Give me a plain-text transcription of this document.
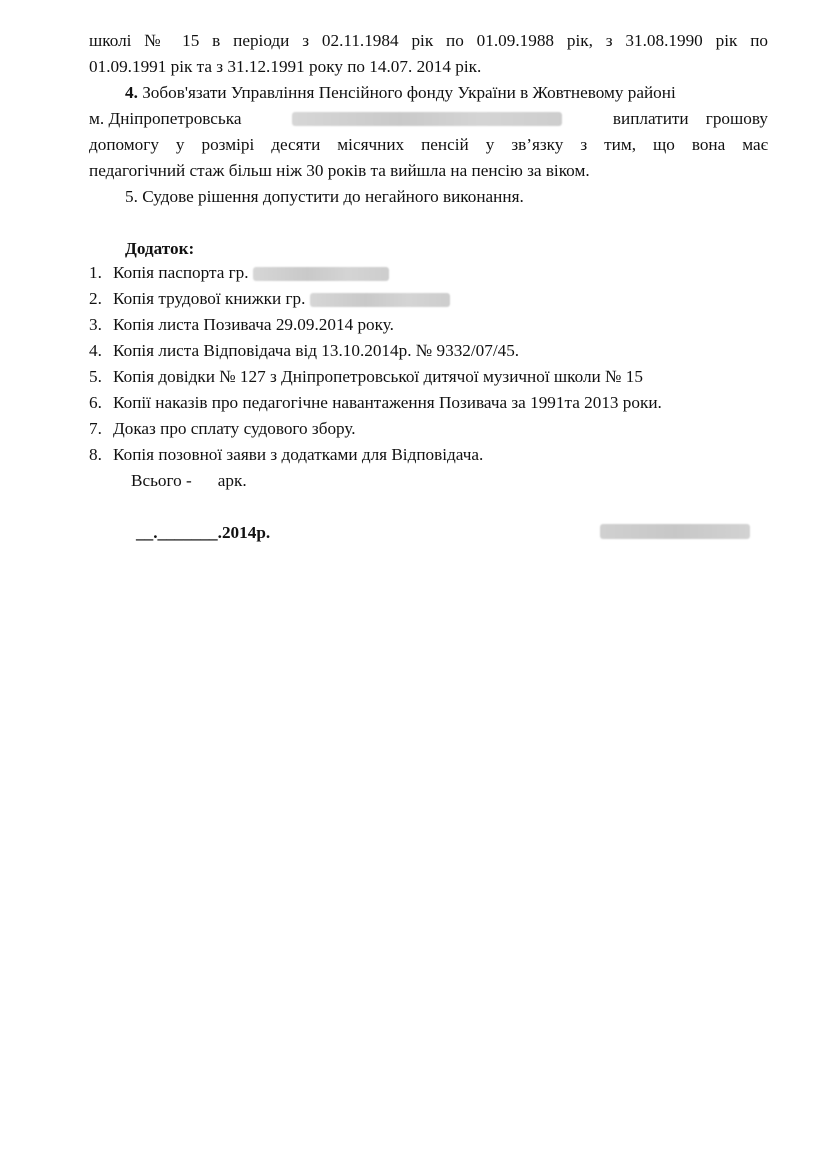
школі № 15 в періоди з 02.11.1984 рік по 01.09.1988 рік, з 31.08.1990 рік по
01.09.1991 рік та з 31.12.1991 року по 14.07. 2014 рік.
4. Зобов'язати Управління Пенсійного фонду України в Жовтневому районі
м. Дніпропетровська	виплатити    грошову
допомогу у розмірі десяти місячних пенсій у зв’язку з тим, що вона має
педагогічний стаж більш ніж 30 років та вийшла на пенсію за віком.
5. Судове рішення допустити до негайного виконання.
Додаток:
1. Копія паспорта гр.
2. Копія трудової книжки гр.
3. Копія листа Позивача 29.09.2014 року.
4. Копія листа Відповідача від 13.10.2014р. № 9332/07/45.
5. Копія довідки № 127 з Дніпропетровської дитячої музичної школи № 15
6. Копії наказів про педагогічне навантаження Позивача за 1991та 2013 роки.
7. Доказ про сплату судового збору.
8. Копія позовної заяви з додатками для Відповідача.
Всього - арк.
__._______.2014р.
